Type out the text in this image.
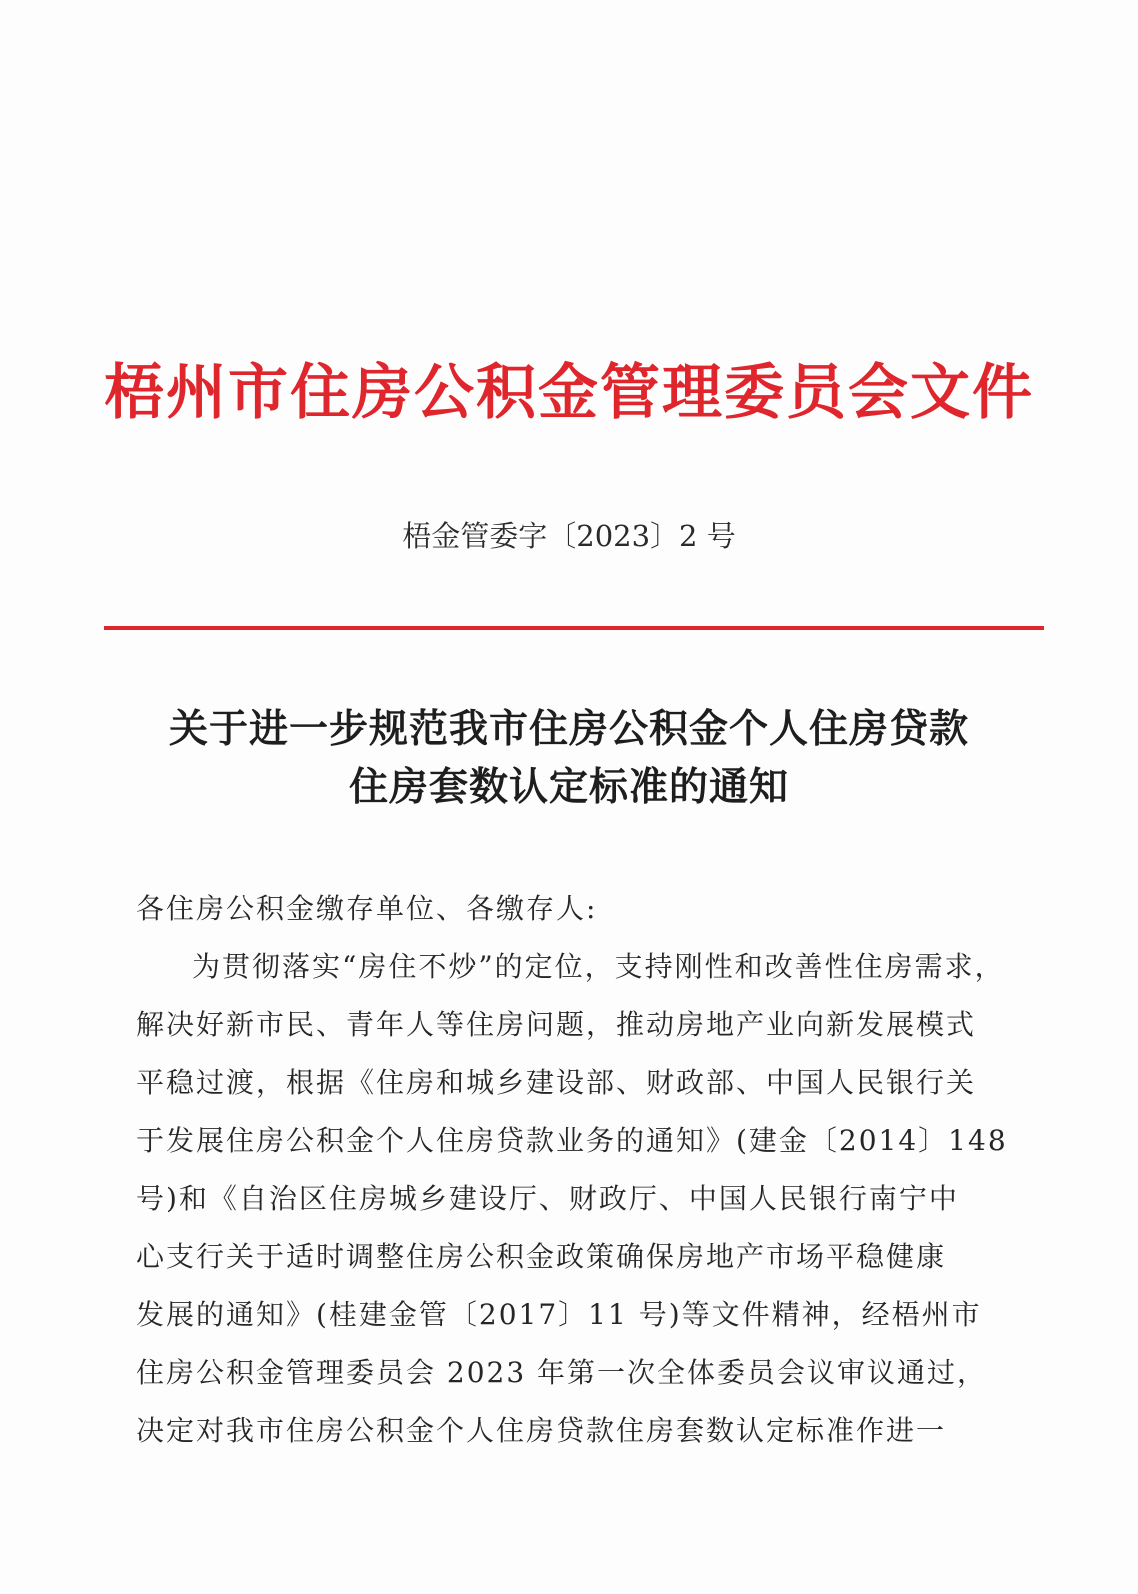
梧州市住房公积金管理委员会文件
梧金管委字〔2023〕2 号
关于进一步规范我市住房公积金个人住房贷款
住房套数认定标准的通知
各住房公积金缴存单位、各缴存人:
为贯彻落实“房住不炒”的定位，支持刚性和改善性住房需求，
解决好新市民、青年人等住房问题，推动房地产业向新发展模式
平稳过渡，根据《住房和城乡建设部、财政部、中国人民银行关
于发展住房公积金个人住房贷款业务的通知》(建金〔2014〕148
号)和《自治区住房城乡建设厅、财政厅、中国人民银行南宁中
心支行关于适时调整住房公积金政策确保房地产市场平稳健康
发展的通知》(桂建金管〔2017〕11 号)等文件精神，经梧州市
住房公积金管理委员会 2023 年第一次全体委员会议审议通过，
决定对我市住房公积金个人住房贷款住房套数认定标准作进一
